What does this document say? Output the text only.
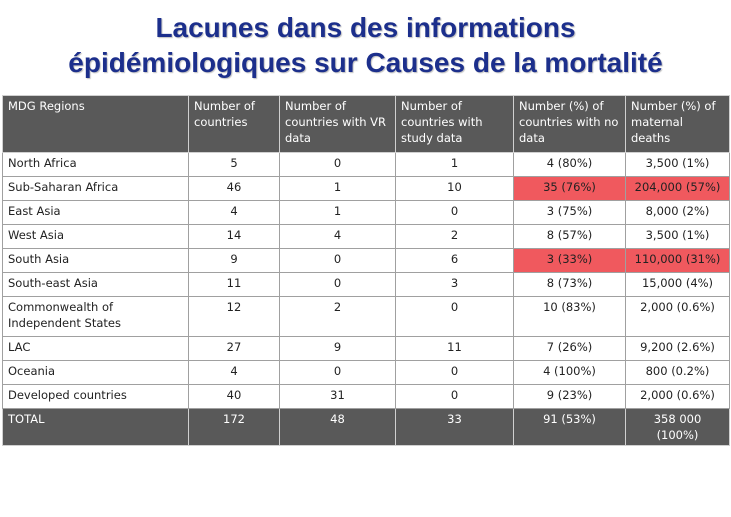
Lacunes dans des informations
épidémiologiques sur Causes de la mortalité
MDG Regions	Number of countries	Number of countries with VR data	Number of countries with study data	Number (%) of countries with no data	Number (%) of maternal deaths
North Africa	5	0	1	4 (80%)	3,500 (1%)
Sub-Saharan Africa	46	1	10	35 (76%)	204,000 (57%)
East Asia	4	1	0	3 (75%)	8,000 (2%)
West Asia	14	4	2	8 (57%)	3,500 (1%)
South Asia	9	0	6	3 (33%)	110,000 (31%)
South-east Asia	11	0	3	8 (73%)	15,000 (4%)
Commonwealth of Independent States	12	2	0	10 (83%)	2,000 (0.6%)
LAC	27	9	11	7 (26%)	9,200 (2.6%)
Oceania	4	0	0	4 (100%)	800 (0.2%)
Developed countries	40	31	0	9 (23%)	2,000 (0.6%)
TOTAL	172	48	33	91 (53%)	358 000 (100%)
